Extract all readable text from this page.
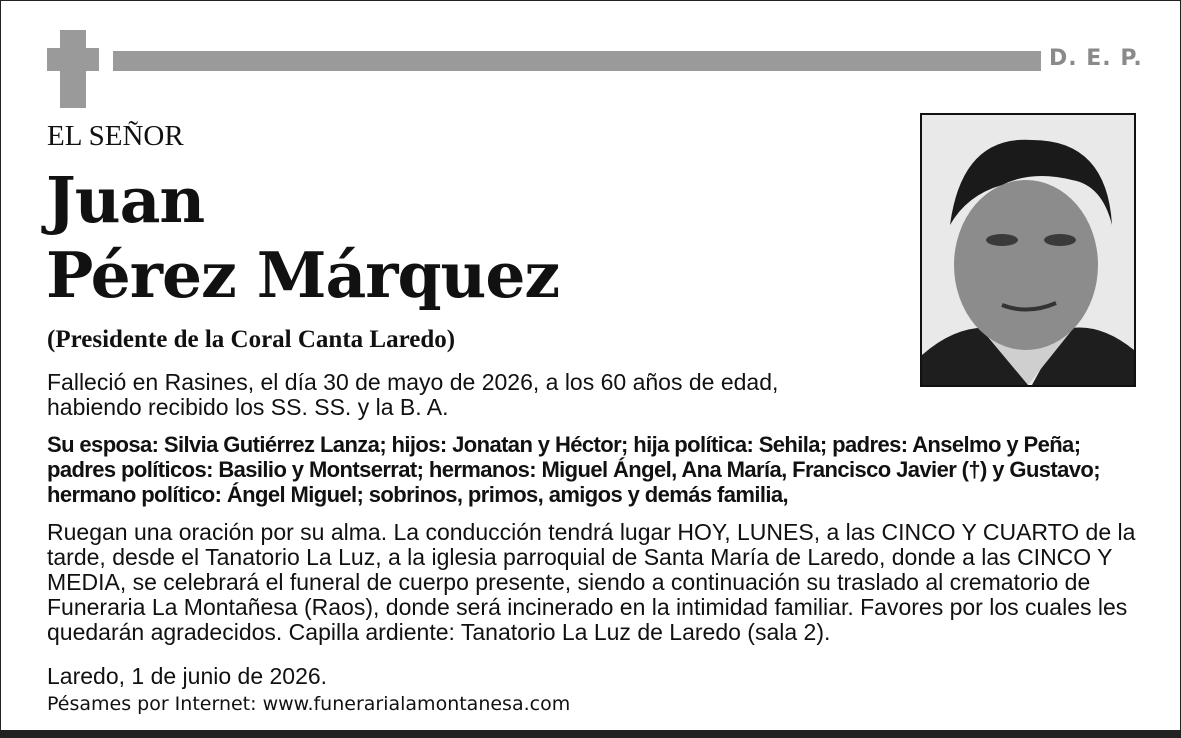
D. E. P.
EL SEÑOR
Juan
Pérez Márquez
(Presidente de la Coral Canta Laredo)
Falleció en Rasines, el día 30 de mayo de 2026, a los 60 años de edad, habiendo recibido los SS. SS. y la B. A.
Su esposa: Silvia Gutiérrez Lanza; hijos: Jonatan y Héctor; hija política: Sehila; padres: Anselmo y Peña; padres políticos: Basilio y Montserrat; hermanos: Miguel Ángel, Ana María, Francisco Javier (†) y Gustavo; hermano político: Ángel Miguel; sobrinos, primos, amigos y demás familia,
Ruegan una oración por su alma. La conducción tendrá lugar HOY, LUNES, a las CINCO Y CUARTO de la tarde, desde el Tanatorio La Luz, a la iglesia parroquial de Santa María de Laredo, donde a las CINCO Y MEDIA, se celebrará el funeral de cuerpo presente, siendo a continuación su traslado al crematorio de Funeraria La Montañesa (Raos), donde será incinerado en la intimidad familiar. Favores por los cuales les quedarán agradecidos. Capilla ardiente: Tanatorio La Luz de Laredo (sala 2).
Laredo, 1 de junio de 2026.
Pésames por Internet: www.funerarialamontanesa.com
